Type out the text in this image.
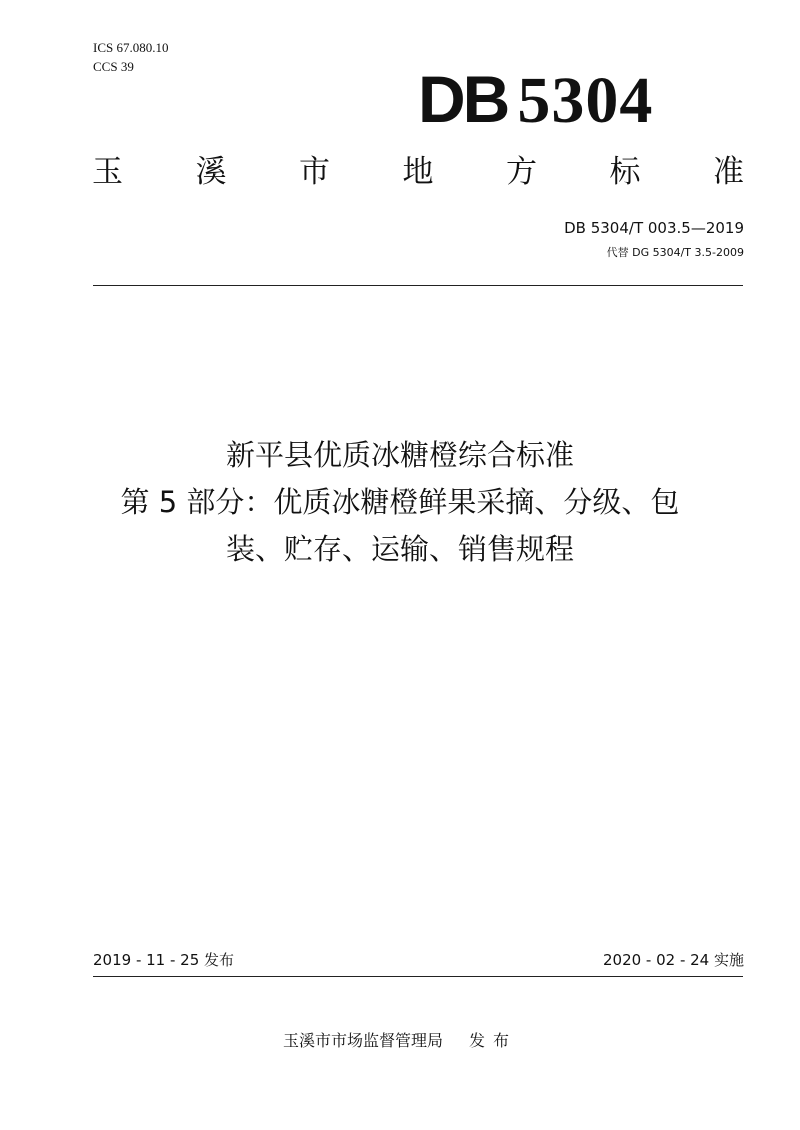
ICS 67.080.10
CCS 39	DB 5304
玉 溪 市 地 方 标 准
DB 5304/T 003.5—2019
代替 DG 5304/T 3.5-2009
新平县优质冰糖橙综合标准
第 5 部分：优质冰糖橙鲜果采摘、分级、包
装、贮存、运输、销售规程
2019 - 11 - 25 发布	2020 - 02 - 24 实施
玉溪市市场监督管理局 发布
